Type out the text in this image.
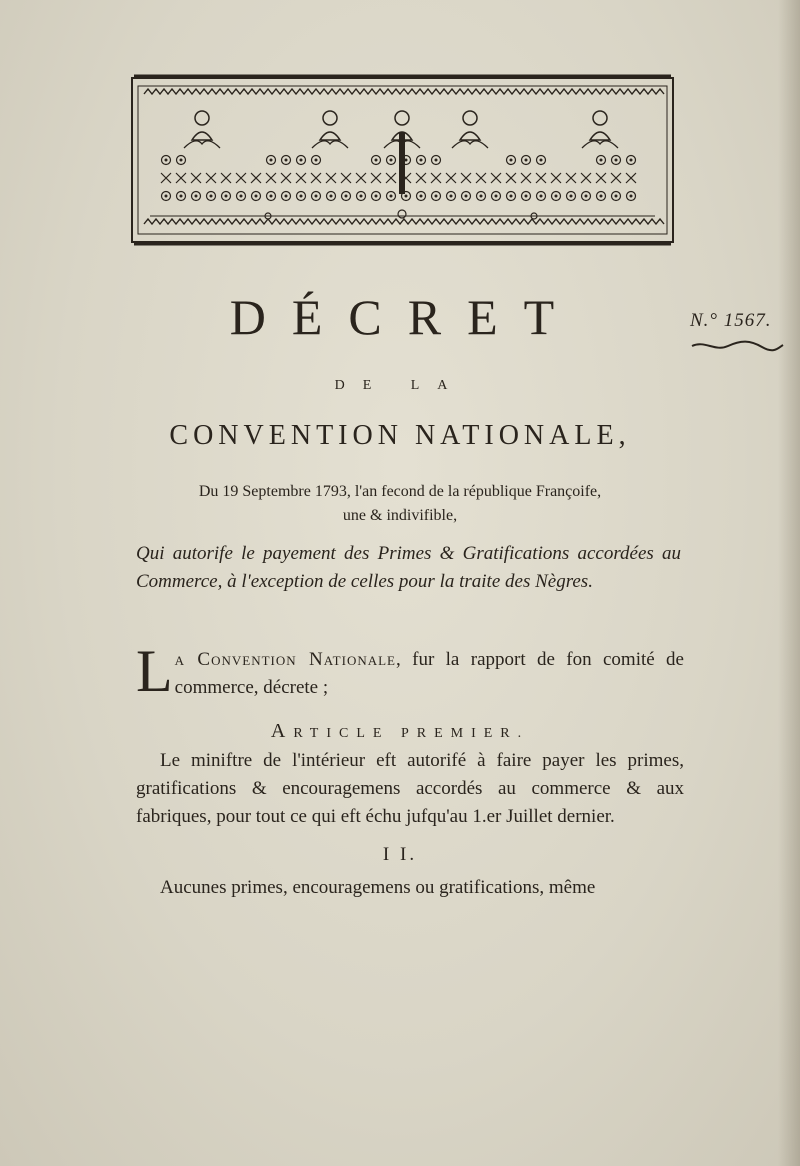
DÉCRET	N.° 1567.
DE LA
CONVENTION NATIONALE,
Du 19 Septembre 1793, l'an fecond de la république Françoife,
une & indivifible,
Qui autorife le payement des Primes & Gratifications accordées au Commerce, à l'exception de celles pour la traite des Nègres.
La Convention Nationale, fur la rapport de fon comité de commerce, décrete ;
ARTICLE PREMIER.
Le miniftre de l'intérieur eft autorifé à faire payer les primes, gratifications & encouragemens accordés au commerce & aux fabriques, pour tout ce qui eft échu jufqu'au 1.er Juillet dernier.
I I.
Aucunes primes, encouragemens ou gratifications, même
